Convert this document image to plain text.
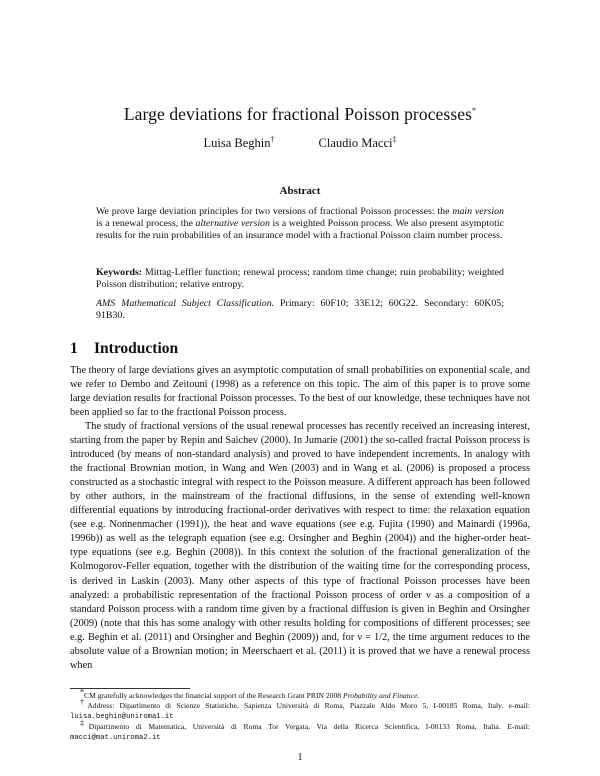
Large deviations for fractional Poisson processes*
Luisa Beghin†	Claudio Macci‡
Abstract
We prove large deviation principles for two versions of fractional Poisson processes: the main version is a renewal process, the alternative version is a weighted Poisson process. We also present asymptotic results for the ruin probabilities of an insurance model with a fractional Poisson claim number process.
Keywords: Mittag-Leffler function; renewal process; random time change; ruin probability; weighted Poisson distribution; relative entropy.
AMS Mathematical Subject Classification. Primary: 60F10; 33E12; 60G22. Secondary: 60K05; 91B30.
1 Introduction
The theory of large deviations gives an asymptotic computation of small probabilities on exponential scale, and we refer to Dembo and Zeitouni (1998) as a reference on this topic. The aim of this paper is to prove some large deviation results for fractional Poisson processes. To the best of our knowledge, these techniques have not been applied so far to the fractional Poisson process.
The study of fractional versions of the usual renewal processes has recently received an increasing interest, starting from the paper by Repin and Saichev (2000). In Jumarie (2001) the so-called fractal Poisson process is introduced (by means of non-standard analysis) and proved to have independent increments. In analogy with the fractional Brownian motion, in Wang and Wen (2003) and in Wang et al. (2006) is proposed a process constructed as a stochastic integral with respect to the Poisson measure. A different approach has been followed by other authors, in the mainstream of the fractional diffusions, in the sense of extending well-known differential equations by introducing fractional-order derivatives with respect to time: the relaxation equation (see e.g. Nonnenmacher (1991)), the heat and wave equations (see e.g. Fujita (1990) and Mainardi (1996a, 1996b)) as well as the telegraph equation (see e.g. Orsingher and Beghin (2004)) and the higher-order heat-type equations (see e.g. Beghin (2008)). In this context the solution of the fractional generalization of the Kolmogorov-Feller equation, together with the distribution of the waiting time for the corresponding process, is derived in Laskin (2003). Many other aspects of this type of fractional Poisson processes have been analyzed: a probabilistic representation of the fractional Poisson process of order ν as a composition of a standard Poisson process with a random time given by a fractional diffusion is given in Beghin and Orsingher (2009) (note that this has some analogy with other results holding for compositions of different processes; see e.g. Beghin et al. (2011) and Orsingher and Beghin (2009)) and, for ν = 1/2, the time argument reduces to the absolute value of a Brownian motion; in Meerschaert et al. (2011) it is proved that we have a renewal process when

*CM gratefully acknowledges the financial support of the Research Grant PRIN 2008 Probability and Finance.

†Address: Dipartimento di Scienze Statistiche, Sapienza Università di Roma, Piazzale Aldo Moro 5, I-00185 Roma, Italy. e-mail: luisa.beghin@uniroma1.it

‡Dipartimento di Matematica, Università di Roma Tor Vergata, Via della Ricerca Scientifica, I-00133 Roma, Italia. E-mail: macci@mat.uniroma2.it

1
